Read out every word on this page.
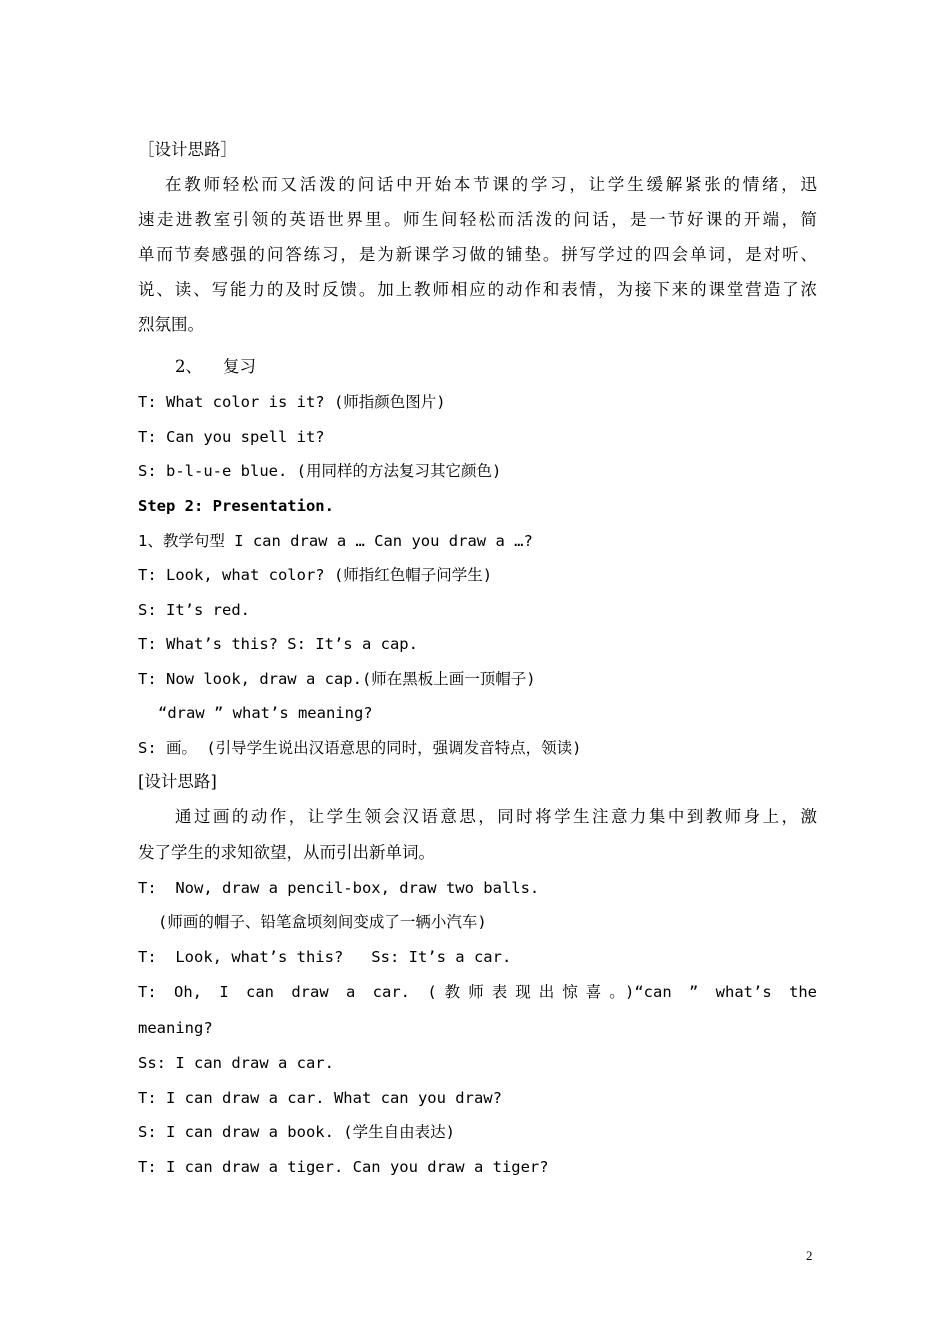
［设计思路］
在教师轻松而又活泼的问话中开始本节课的学习，让学生缓解紧张的情绪，迅
速走进教室引领的英语世界里。师生间轻松而活泼的问话，是一节好课的开端，简
单而节奏感强的问答练习，是为新课学习做的铺垫。拼写学过的四会单词，是对听、
说、读、写能力的及时反馈。加上教师相应的动作和表情，为接下来的课堂营造了浓
烈氛围。
2、    复习
T: What color is it? (师指颜色图片)
T: Can you spell it?
S: b-l-u-e blue. (用同样的方法复习其它颜色)
Step 2: Presentation.
1、教学句型 I can draw a … Can you draw a …?
T: Look, what color? (师指红色帽子问学生)
S: It’s red.
T: What’s this? S: It’s a cap.
T: Now look, draw a cap.(师在黑板上画一顶帽子)
“draw ” what’s meaning?
S: 画。 (引导学生说出汉语意思的同时，强调发音特点，领读)
[设计思路]
通过画的动作，让学生领会汉语意思，同时将学生注意力集中到教师身上，激
发了学生的求知欲望，从而引出新单词。
T:  Now, draw a pencil-box, draw two balls.
(师画的帽子、铅笔盒顷刻间变成了一辆小汽车)
T:  Look, what’s this?   Ss: It’s a car.
T: Oh, I can draw a car. (教师表现出惊喜。)“can ” what’s the
meaning?
Ss: I can draw a car.
T: I can draw a car. What can you draw?
S: I can draw a book. (学生自由表达)
T: I can draw a tiger. Can you draw a tiger?
2
